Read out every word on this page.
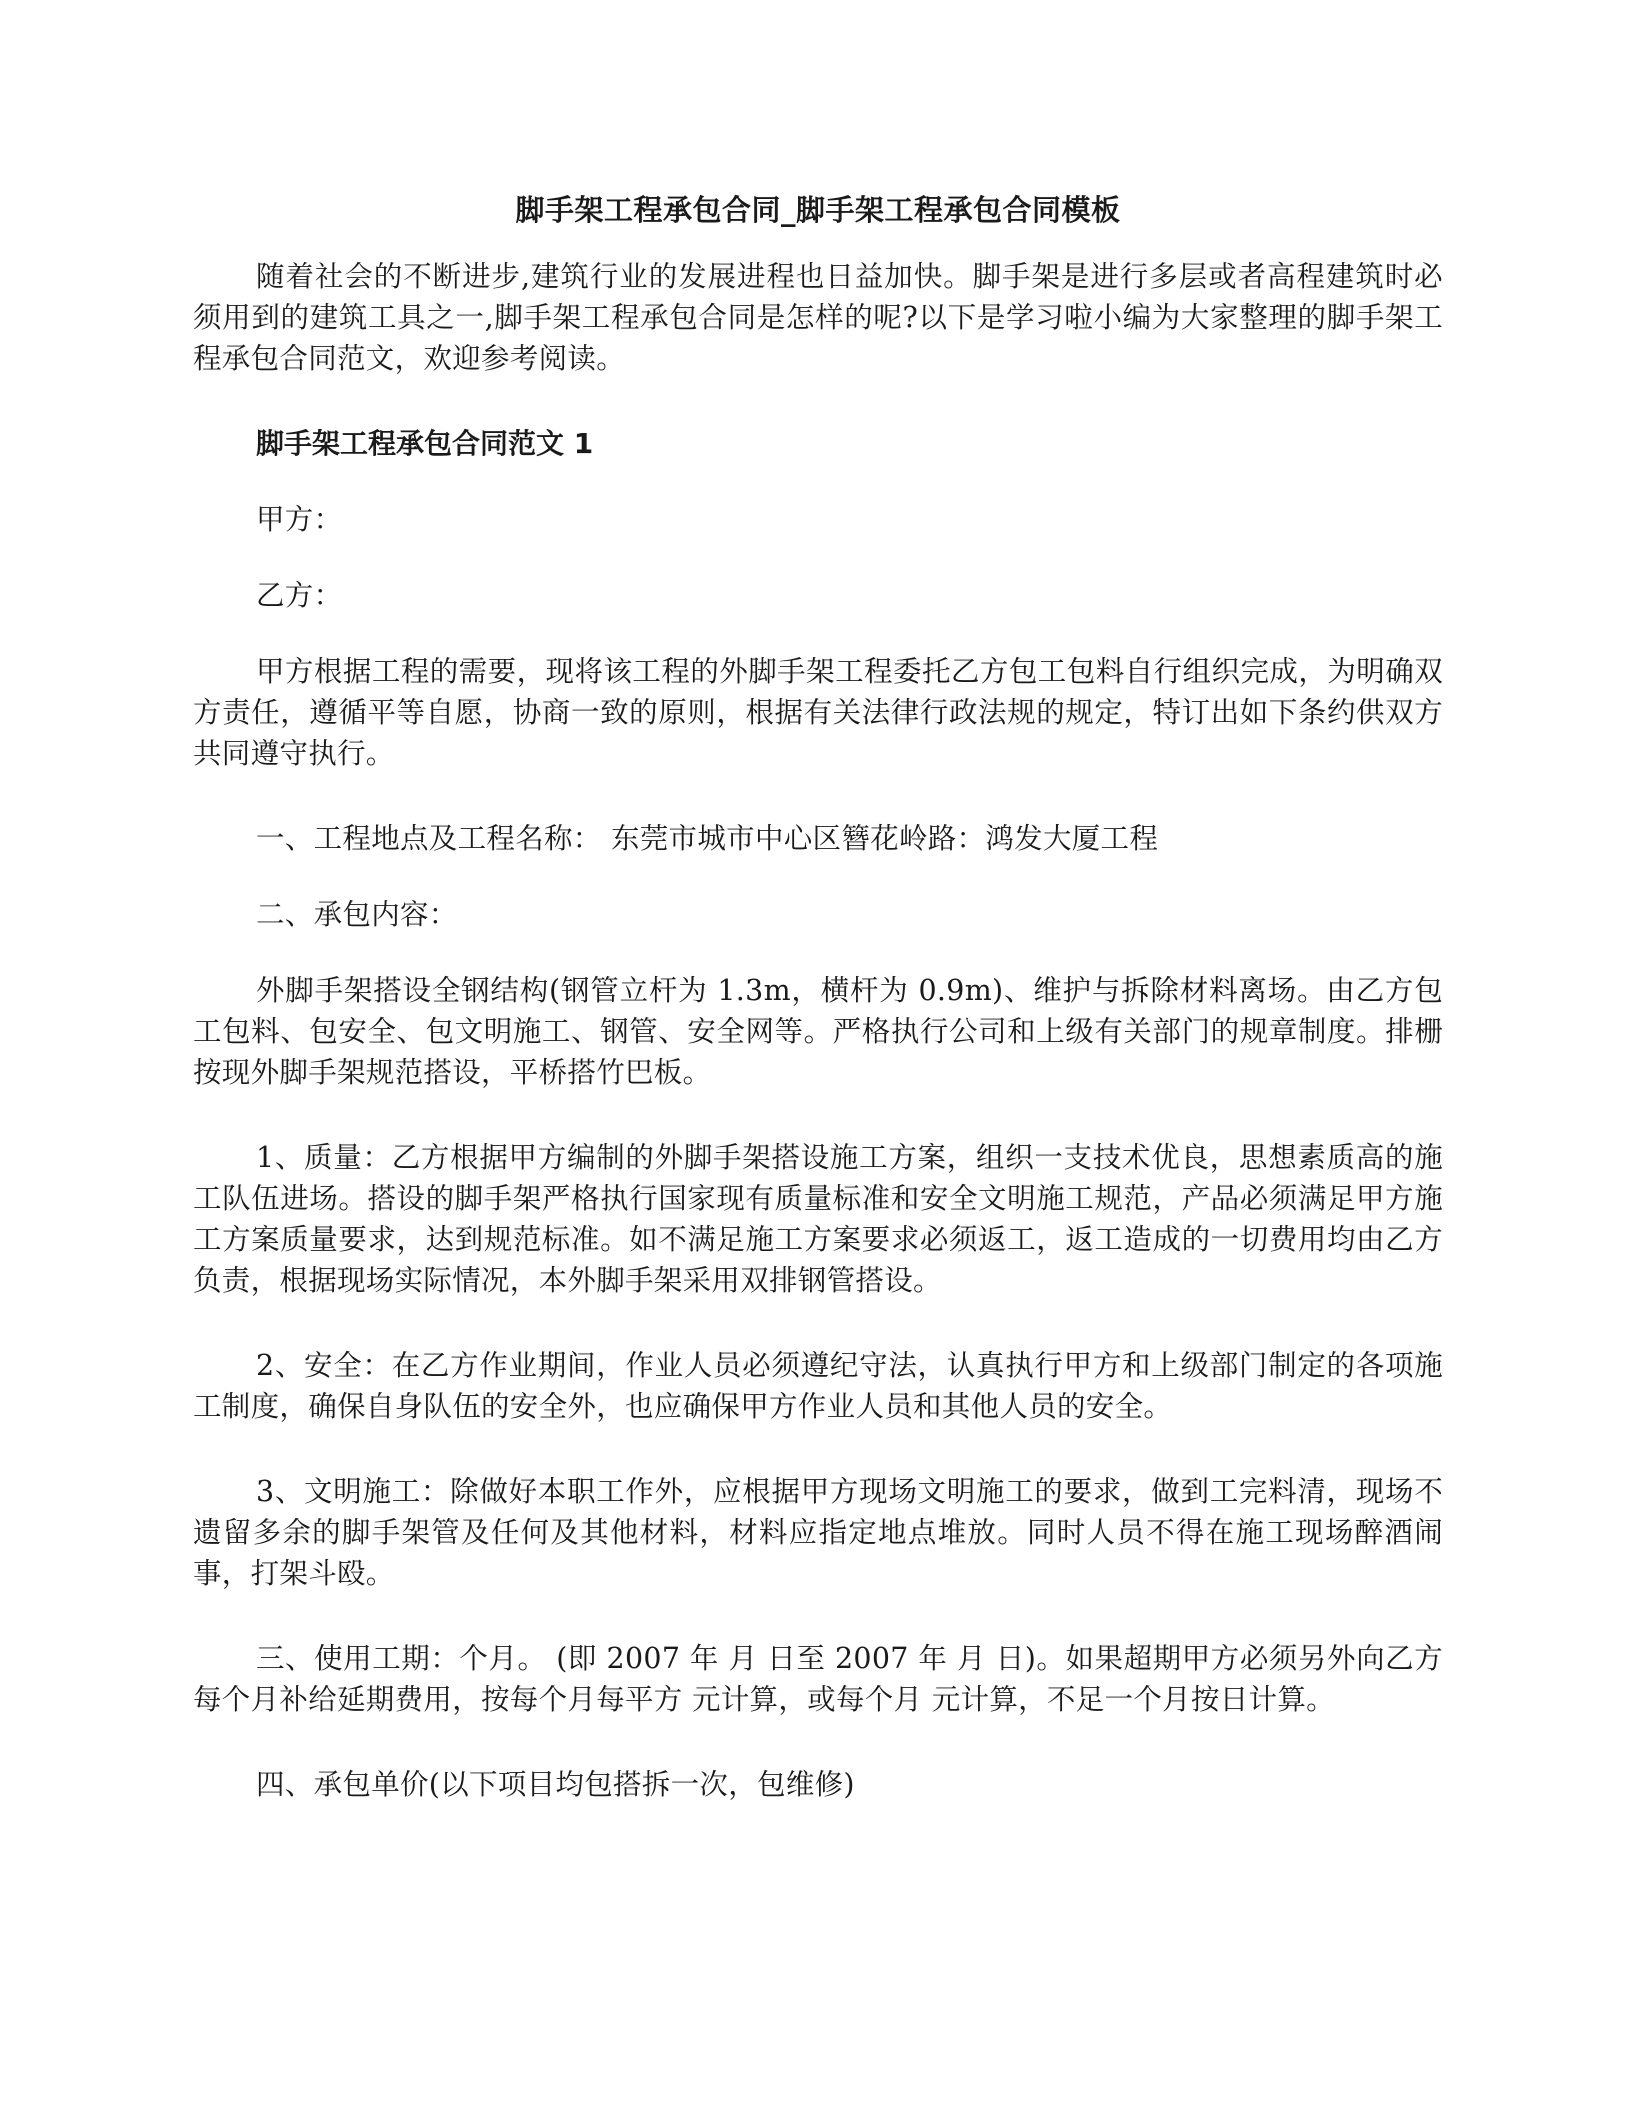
脚手架工程承包合同_脚手架工程承包合同模板

随着社会的不断进步,建筑行业的发展进程也日益加快。脚手架是进行多层或者高程建筑时必须用到的建筑工具之一,脚手架工程承包合同是怎样的呢?以下是学习啦小编为大家整理的脚手架工程承包合同范文，欢迎参考阅读。

脚手架工程承包合同范文 1

甲方：

乙方：

甲方根据工程的需要，现将该工程的外脚手架工程委托乙方包工包料自行组织完成，为明确双方责任，遵循平等自愿，协商一致的原则，根据有关法律行政法规的规定，特订出如下条约供双方共同遵守执行。

一、工程地点及工程名称： 东莞市城市中心区簪花岭路：鸿发大厦工程

二、承包内容：

外脚手架搭设全钢结构(钢管立杆为 1.3m，横杆为 0.9m)、维护与拆除材料离场。由乙方包工包料、包安全、包文明施工、钢管、安全网等。严格执行公司和上级有关部门的规章制度。排栅按现外脚手架规范搭设，平桥搭竹巴板。

1、质量：乙方根据甲方编制的外脚手架搭设施工方案，组织一支技术优良，思想素质高的施工队伍进场。搭设的脚手架严格执行国家现有质量标准和安全文明施工规范，产品必须满足甲方施工方案质量要求，达到规范标准。如不满足施工方案要求必须返工，返工造成的一切费用均由乙方负责，根据现场实际情况，本外脚手架采用双排钢管搭设。

2、安全：在乙方作业期间，作业人员必须遵纪守法，认真执行甲方和上级部门制定的各项施工制度，确保自身队伍的安全外，也应确保甲方作业人员和其他人员的安全。

3、文明施工：除做好本职工作外，应根据甲方现场文明施工的要求，做到工完料清，现场不遗留多余的脚手架管及任何及其他材料，材料应指定地点堆放。同时人员不得在施工现场醉酒闹事，打架斗殴。

三、使用工期：个月。 (即 2007 年 月 日至 2007 年 月 日)。如果超期甲方必须另外向乙方每个月补给延期费用，按每个月每平方 元计算，或每个月 元计算，不足一个月按日计算。

四、承包单价(以下项目均包搭拆一次，包维修)
